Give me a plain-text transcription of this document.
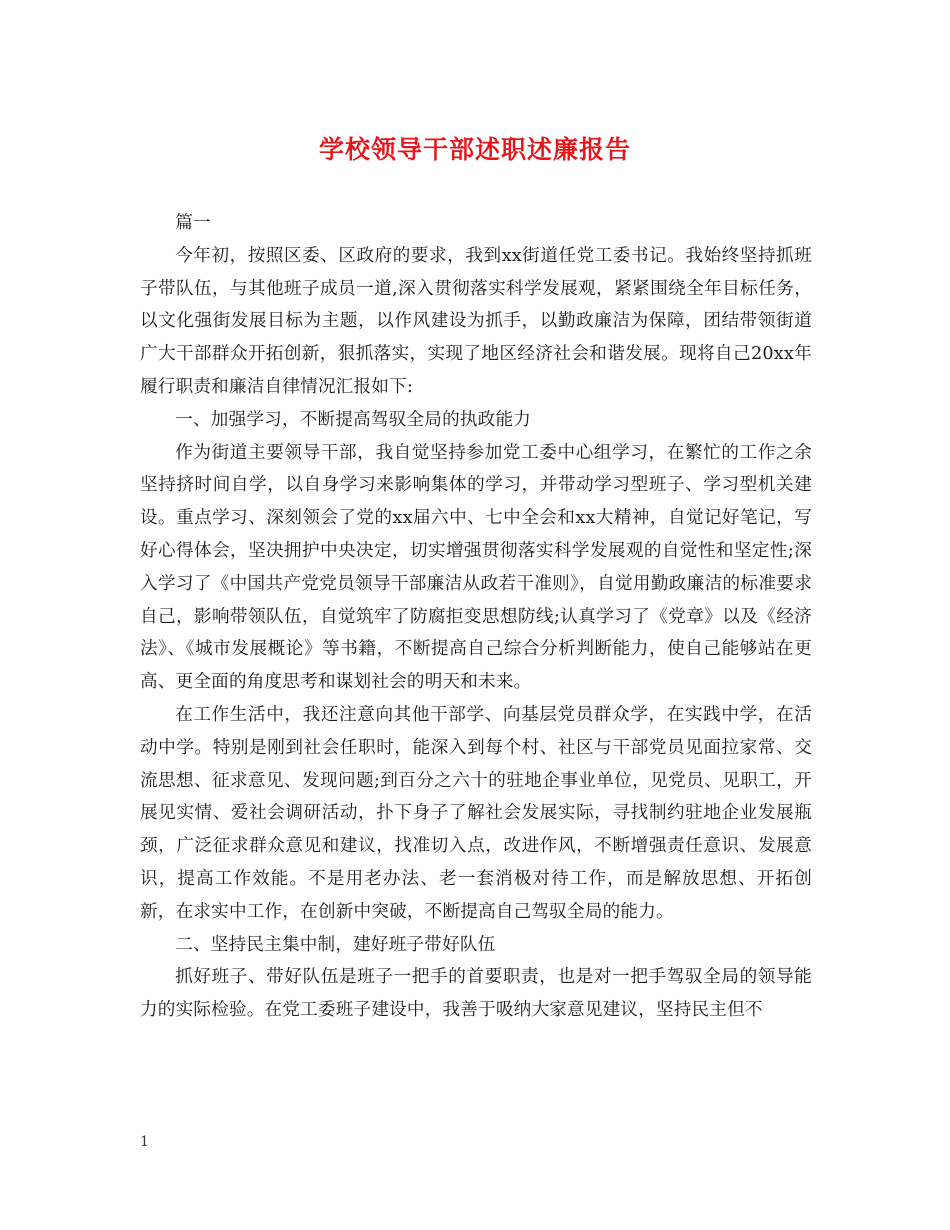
学校领导干部述职述廉报告

篇一

今年初，按照区委、区政府的要求，我到xx街道任党工委书记。我始终坚持抓班子带队伍，与其他班子成员一道,深入贯彻落实科学发展观，紧紧围绕全年目标任务，以文化强街发展目标为主题，以作风建设为抓手，以勤政廉洁为保障，团结带领街道广大干部群众开拓创新，狠抓落实，实现了地区经济社会和谐发展。现将自己20xx年履行职责和廉洁自律情况汇报如下:

一、加强学习，不断提高驾驭全局的执政能力

作为街道主要领导干部，我自觉坚持参加党工委中心组学习，在繁忙的工作之余坚持挤时间自学，以自身学习来影响集体的学习，并带动学习型班子、学习型机关建设。重点学习、深刻领会了党的xx届六中、七中全会和xx大精神，自觉记好笔记，写好心得体会，坚决拥护中央决定，切实增强贯彻落实科学发展观的自觉性和坚定性;深入学习了《中国共产党党员领导干部廉洁从政若干准则》，自觉用勤政廉洁的标准要求自己，影响带领队伍，自觉筑牢了防腐拒变思想防线;认真学习了《党章》以及《经济法》、《城市发展概论》等书籍，不断提高自己综合分析判断能力，使自己能够站在更高、更全面的角度思考和谋划社会的明天和未来。

在工作生活中，我还注意向其他干部学、向基层党员群众学，在实践中学，在活动中学。特别是刚到社会任职时，能深入到每个村、社区与干部党员见面拉家常、交流思想、征求意见、发现问题;到百分之六十的驻地企事业单位，见党员、见职工，开展见实情、爱社会调研活动，扑下身子了解社会发展实际，寻找制约驻地企业发展瓶颈，广泛征求群众意见和建议，找准切入点，改进作风，不断增强责任意识、发展意识，提高工作效能。不是用老办法、老一套消极对待工作，而是解放思想、开拓创新，在求实中工作，在创新中突破，不断提高自己驾驭全局的能力。

二、坚持民主集中制，建好班子带好队伍

抓好班子、带好队伍是班子一把手的首要职责，也是对一把手驾驭全局的领导能力的实际检验。在党工委班子建设中，我善于吸纳大家意见建议，坚持民主但不

1
